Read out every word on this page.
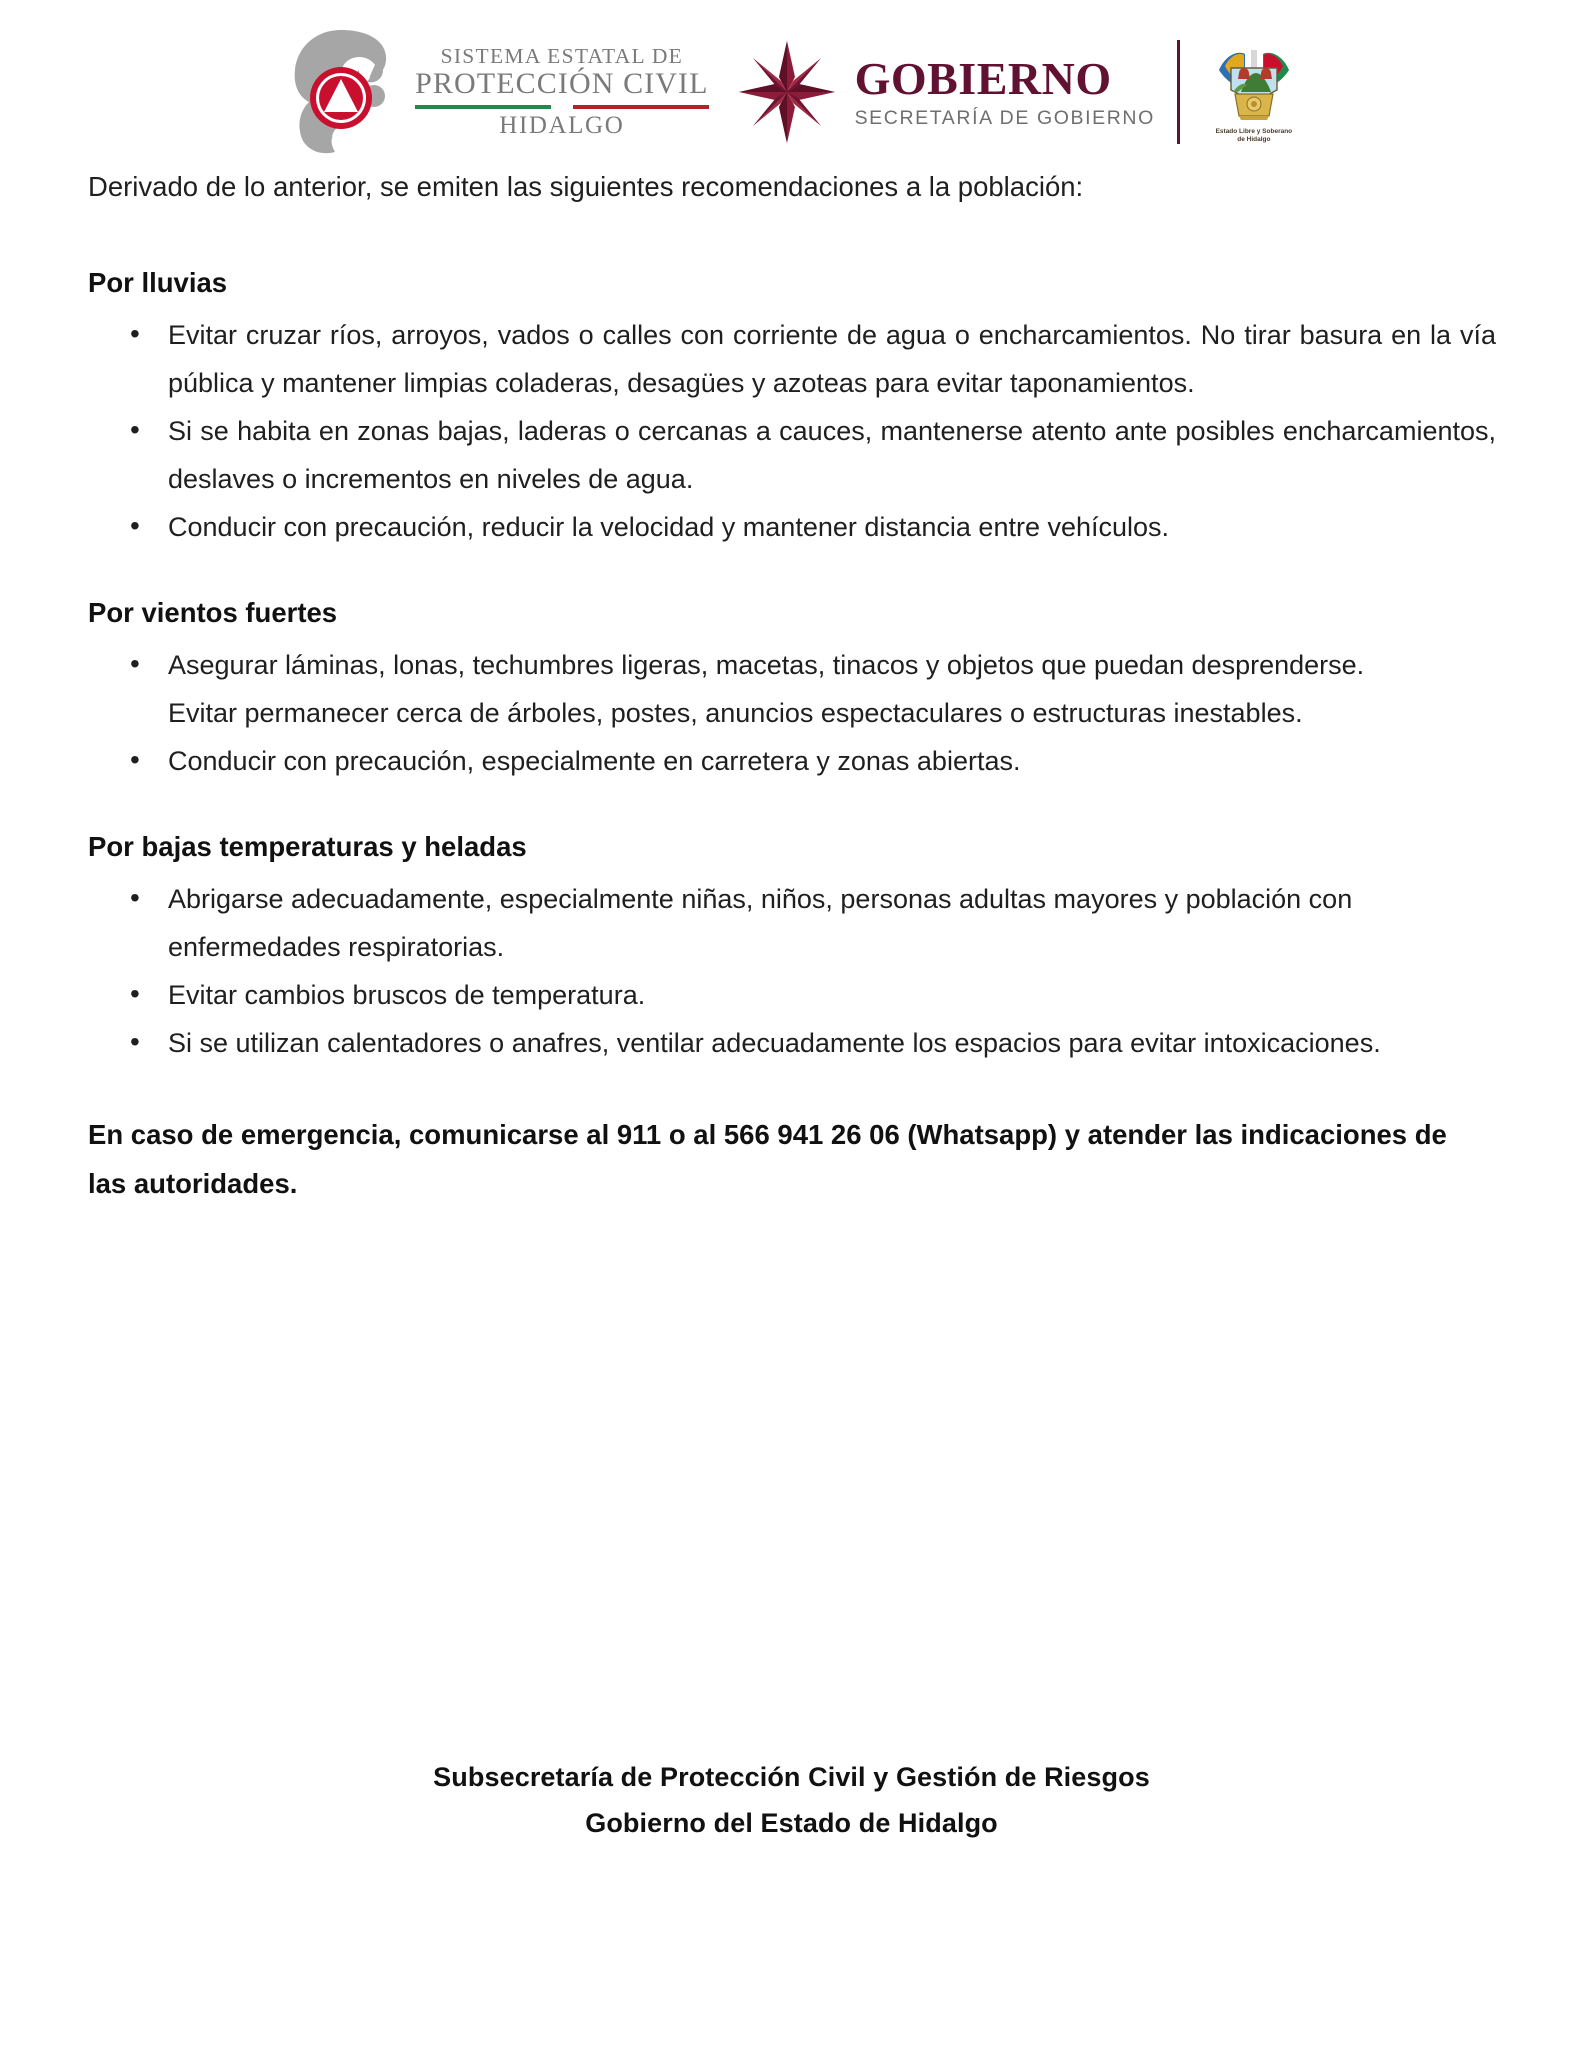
SISTEMA ESTATAL DE
PROTECCIÓN CIVIL
HIDALGO
GOBIERNO
SECRETARÍA DE GOBIERNO
Estado Libre y Soberano
de Hidalgo

Derivado de lo anterior, se emiten las siguientes recomendaciones a la población:

Por lluvias
• Evitar cruzar ríos, arroyos, vados o calles con corriente de agua o encharcamientos. No tirar basura en la vía pública y mantener limpias coladeras, desagües y azoteas para evitar taponamientos.
• Si se habita en zonas bajas, laderas o cercanas a cauces, mantenerse atento ante posibles encharcamientos, deslaves o incrementos en niveles de agua.
• Conducir con precaución, reducir la velocidad y mantener distancia entre vehículos.
Por vientos fuertes
• Asegurar láminas, lonas, techumbres ligeras, macetas, tinacos y objetos que puedan desprenderse.
Evitar permanecer cerca de árboles, postes, anuncios espectaculares o estructuras inestables.
• Conducir con precaución, especialmente en carretera y zonas abiertas.
Por bajas temperaturas y heladas
• Abrigarse adecuadamente, especialmente niñas, niños, personas adultas mayores y población con enfermedades respiratorias.
• Evitar cambios bruscos de temperatura.
• Si se utilizan calentadores o anafres, ventilar adecuadamente los espacios para evitar intoxicaciones.

En caso de emergencia, comunicarse al 911 o al 566 941 26 06 (Whatsapp) y atender las indicaciones de las autoridades.

Subsecretaría de Protección Civil y Gestión de Riesgos
Gobierno del Estado de Hidalgo
